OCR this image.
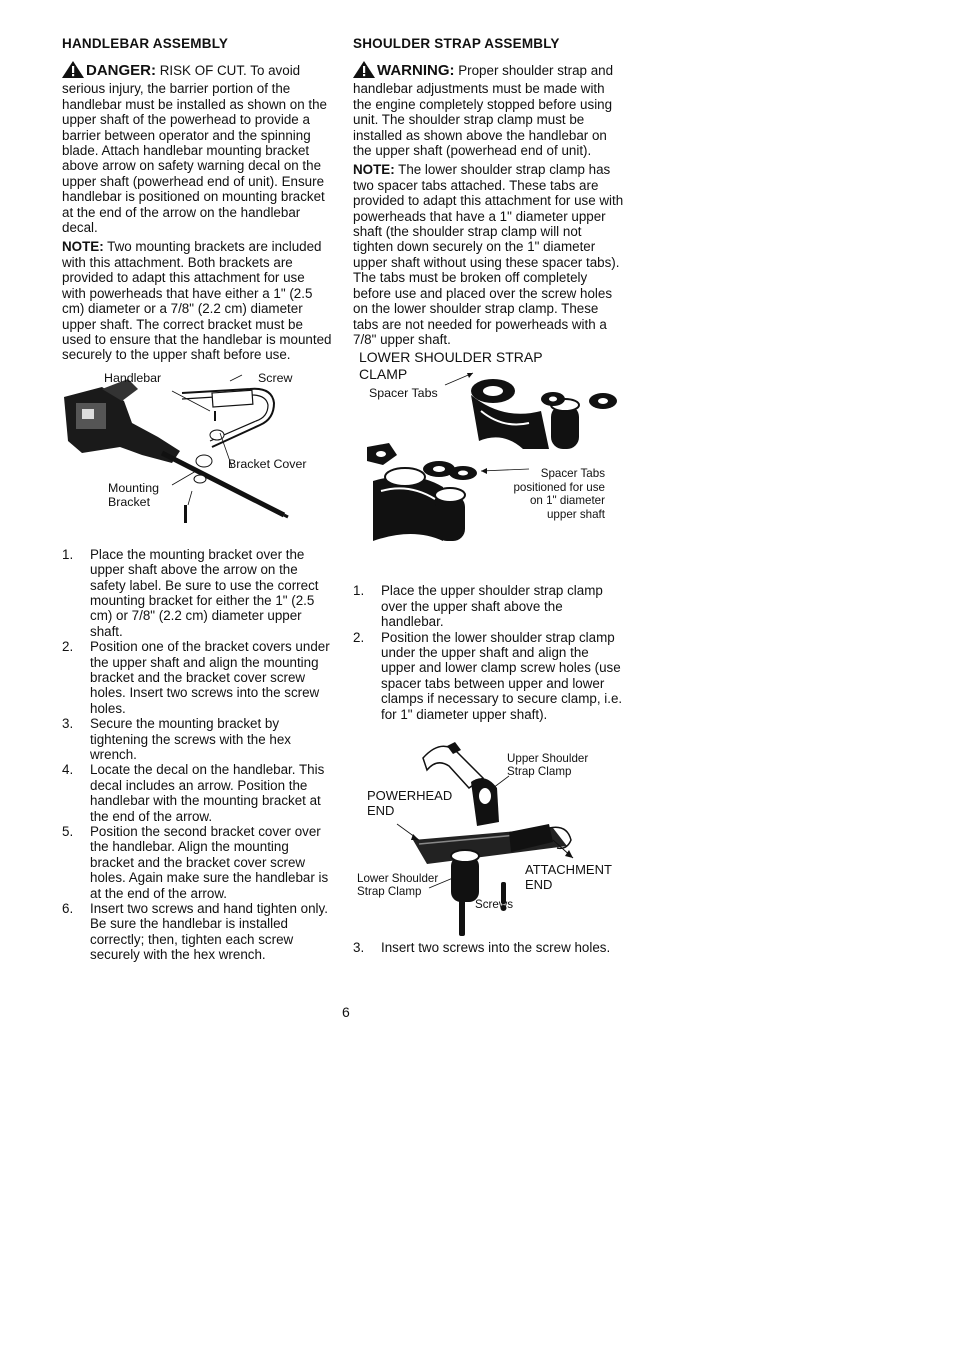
HANDLEBAR ASSEMBLY

DANGER: RISK OF CUT. To avoid serious injury, the barrier portion of the handlebar must be installed as shown on the upper shaft of the powerhead to provide a barrier between operator and the spinning blade. Attach handlebar mounting bracket above arrow on safety warning decal on the upper shaft (powerhead end of unit). Ensure handlebar is positioned on mounting bracket at the end of the arrow on the handlebar decal.

NOTE: Two mounting brackets are included with this attachment. Both brackets are provided to adapt this attachment for use with powerheads that have either a 1" (2.5 cm) diameter or a 7/8" (2.2 cm) diameter upper shaft. The correct bracket must be used to ensure that the handlebar is mounted securely to the upper shaft before use.

Handlebar	Screw
Bracket Cover
Mounting
Bracket
1. Place the mounting bracket over the upper shaft above the arrow on the safety label. Be sure to use the correct mounting bracket for either the 1" (2.5 cm) or 7/8" (2.2 cm) diameter upper shaft.
2. Position one of the bracket covers under the upper shaft and align the mounting bracket and the bracket cover screw holes. Insert two screws into the screw holes.
3. Secure the mounting bracket by tightening the screws with the hex wrench.
4. Locate the decal on the handlebar. This decal includes an arrow. Position the handlebar with the mounting bracket at the end of the arrow.
5. Position the second bracket cover over the handlebar. Align the mounting bracket and the bracket cover screw holes. Again make sure the handlebar is at the end of the arrow.
6. Insert two screws and hand tighten only. Be sure the handlebar is installed correctly; then, tighten each screw securely with the hex wrench.
SHOULDER STRAP ASSEMBLY

WARNING: Proper shoulder strap and handlebar adjustments must be made with the engine completely stopped before using unit. The shoulder strap clamp must be installed as shown above the handlebar on the upper shaft (powerhead end of unit).

NOTE: The lower shoulder strap clamp has two spacer tabs attached. These tabs are provided to adapt this attachment for use with powerheads that have a 1" diameter upper shaft (the shoulder strap clamp will not tighten down securely on the 1" diameter upper shaft without using these spacer tabs). The tabs must be broken off completely before use and placed over the screw holes on the lower shoulder strap clamp. These tabs are not needed for powerheads with a 7/8" upper shaft.

LOWER SHOULDER STRAP
CLAMP
Spacer Tabs
Spacer Tabs
positioned for use
on 1" diameter
upper shaft
1. Place the upper shoulder strap clamp over the upper shaft above the handlebar.
2. Position the lower shoulder strap clamp under the upper shaft and align the upper and lower clamp screw holes (use spacer tabs between upper and lower clamps if necessary to secure clamp, i.e. for 1" diameter upper shaft).
Upper Shoulder
Strap Clamp
POWERHEAD
END
Lower Shoulder
Strap Clamp
ATTACHMENT
END
Screws
3. Insert two screws into the screw holes.
6
